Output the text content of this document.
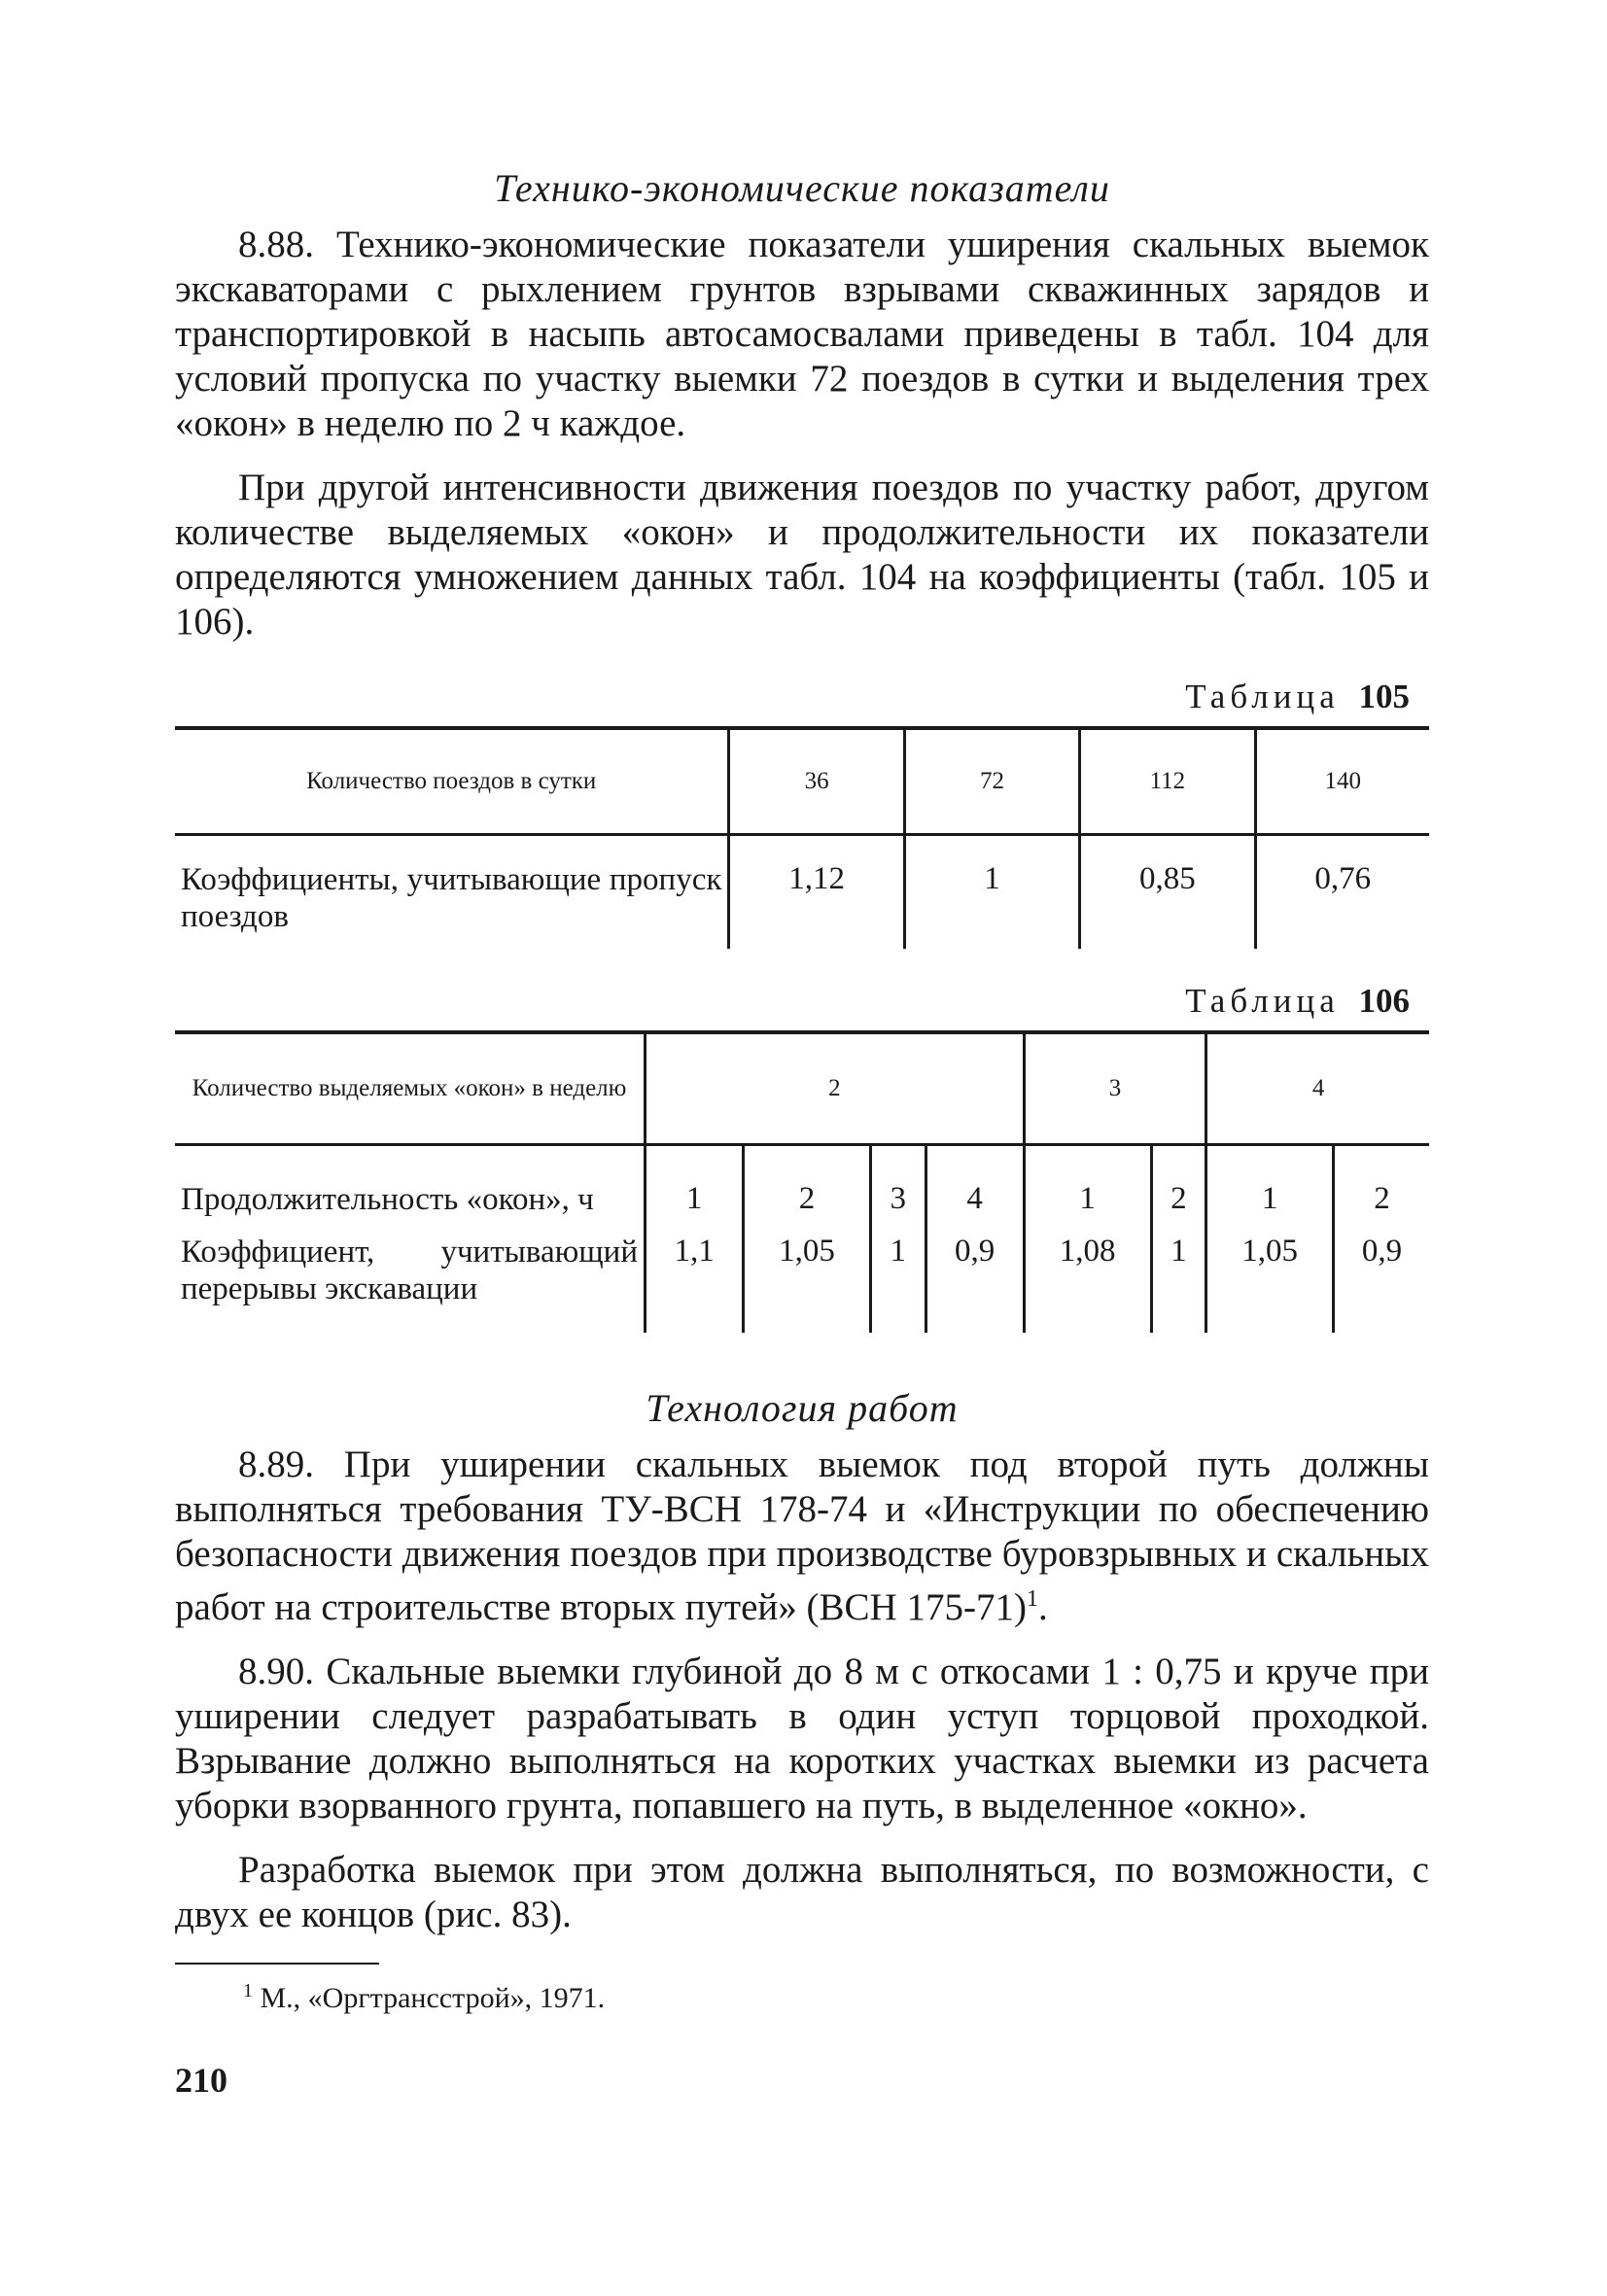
Технико-экономические показатели

8.88. Технико-экономические показатели уширения скальных выемок экскаваторами с рыхлением грунтов взрывами скважинных зарядов и транспортировкой в насыпь автосамосвалами приведены в табл. 104 для условий пропуска по участку выемки 72 поездов в сутки и выделения трех «окон» в неделю по 2 ч каждое.

При другой интенсивности движения поездов по участку работ, другом количестве выделяемых «окон» и продолжительности их показатели определяются умножением данных табл. 104 на коэффициенты (табл. 105 и 106).

Таблица 105
Количество поездов в сутки	36	72	112	140
Коэффициенты, учитывающие пропуск поездов	1,12	1	0,85	0,76
Таблица 106
Количество выделяемых «окон» в неделю	2				3		4	
Продолжительность «окон», ч	1	2	3	4	1	2	1	2
Коэффициент, учитывающий перерывы экскавации	1,1	1,05	1	0,9	1,08	1	1,05	0,9
Технология работ

8.89. При уширении скальных выемок под второй путь должны выполняться требования ТУ-ВСН 178-74 и «Инструкции по обеспечению безопасности движения поездов при производстве буровзрывных и скальных работ на строительстве вторых путей» (ВСН 175-71)$^1$.

8.90. Скальные выемки глубиной до 8 м с откосами 1 : 0,75 и круче при уширении следует разрабатывать в один уступ торцовой проходкой. Взрывание должно выполняться на коротких участках выемки из расчета уборки взорванного грунта, попавшего на путь, в выделенное «окно».

Разработка выемок при этом должна выполняться, по возможности, с двух ее концов (рис. 83).

$^1$ М., «Оргтрансстрой», 1971.
210
